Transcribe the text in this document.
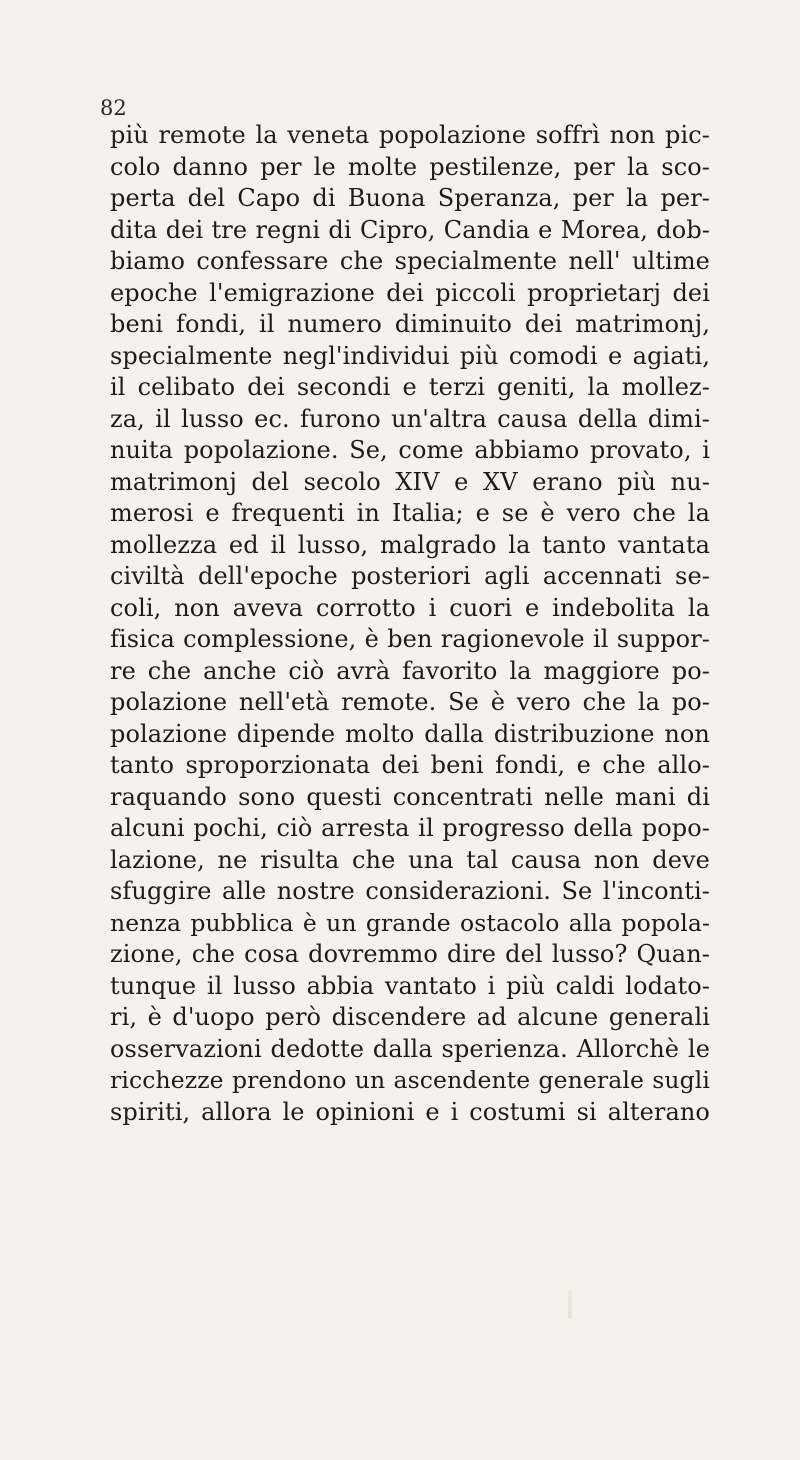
82
più remote la veneta popolazione soffrì non pic-
colo danno per le molte pestilenze, per la sco-
perta del Capo di Buona Speranza, per la per-
dita dei tre regni di Cipro, Candia e Morea, dob-
biamo confessare che specialmente nell' ultime
epoche l'emigrazione dei piccoli proprietarj dei
beni fondi, il numero diminuito dei matrimonj,
specialmente negl'individui più comodi e agiati,
il celibato dei secondi e terzi geniti, la mollez-
za, il lusso ec. furono un'altra causa della dimi-
nuita popolazione. Se, come abbiamo provato, i
matrimonj del secolo XIV e XV erano più nu-
merosi e frequenti in Italia; e se è vero che la
mollezza ed il lusso, malgrado la tanto vantata
civiltà dell'epoche posteriori agli accennati se-
coli, non aveva corrotto i cuori e indebolita la
fisica complessione, è ben ragionevole il suppor-
re che anche ciò avrà favorito la maggiore po-
polazione nell'età remote. Se è vero che la po-
polazione dipende molto dalla distribuzione non
tanto sproporzionata dei beni fondi, e che allo-
raquando sono questi concentrati nelle mani di
alcuni pochi, ciò arresta il progresso della popo-
lazione, ne risulta che una tal causa non deve
sfuggire alle nostre considerazioni. Se l'inconti-
nenza pubblica è un grande ostacolo alla popola-
zione, che cosa dovremmo dire del lusso? Quan-
tunque il lusso abbia vantato i più caldi lodato-
ri, è d'uopo però discendere ad alcune generali
osservazioni dedotte dalla sperienza. Allorchè le
ricchezze prendono un ascendente generale sugli
spiriti, allora le opinioni e i costumi si alterano
